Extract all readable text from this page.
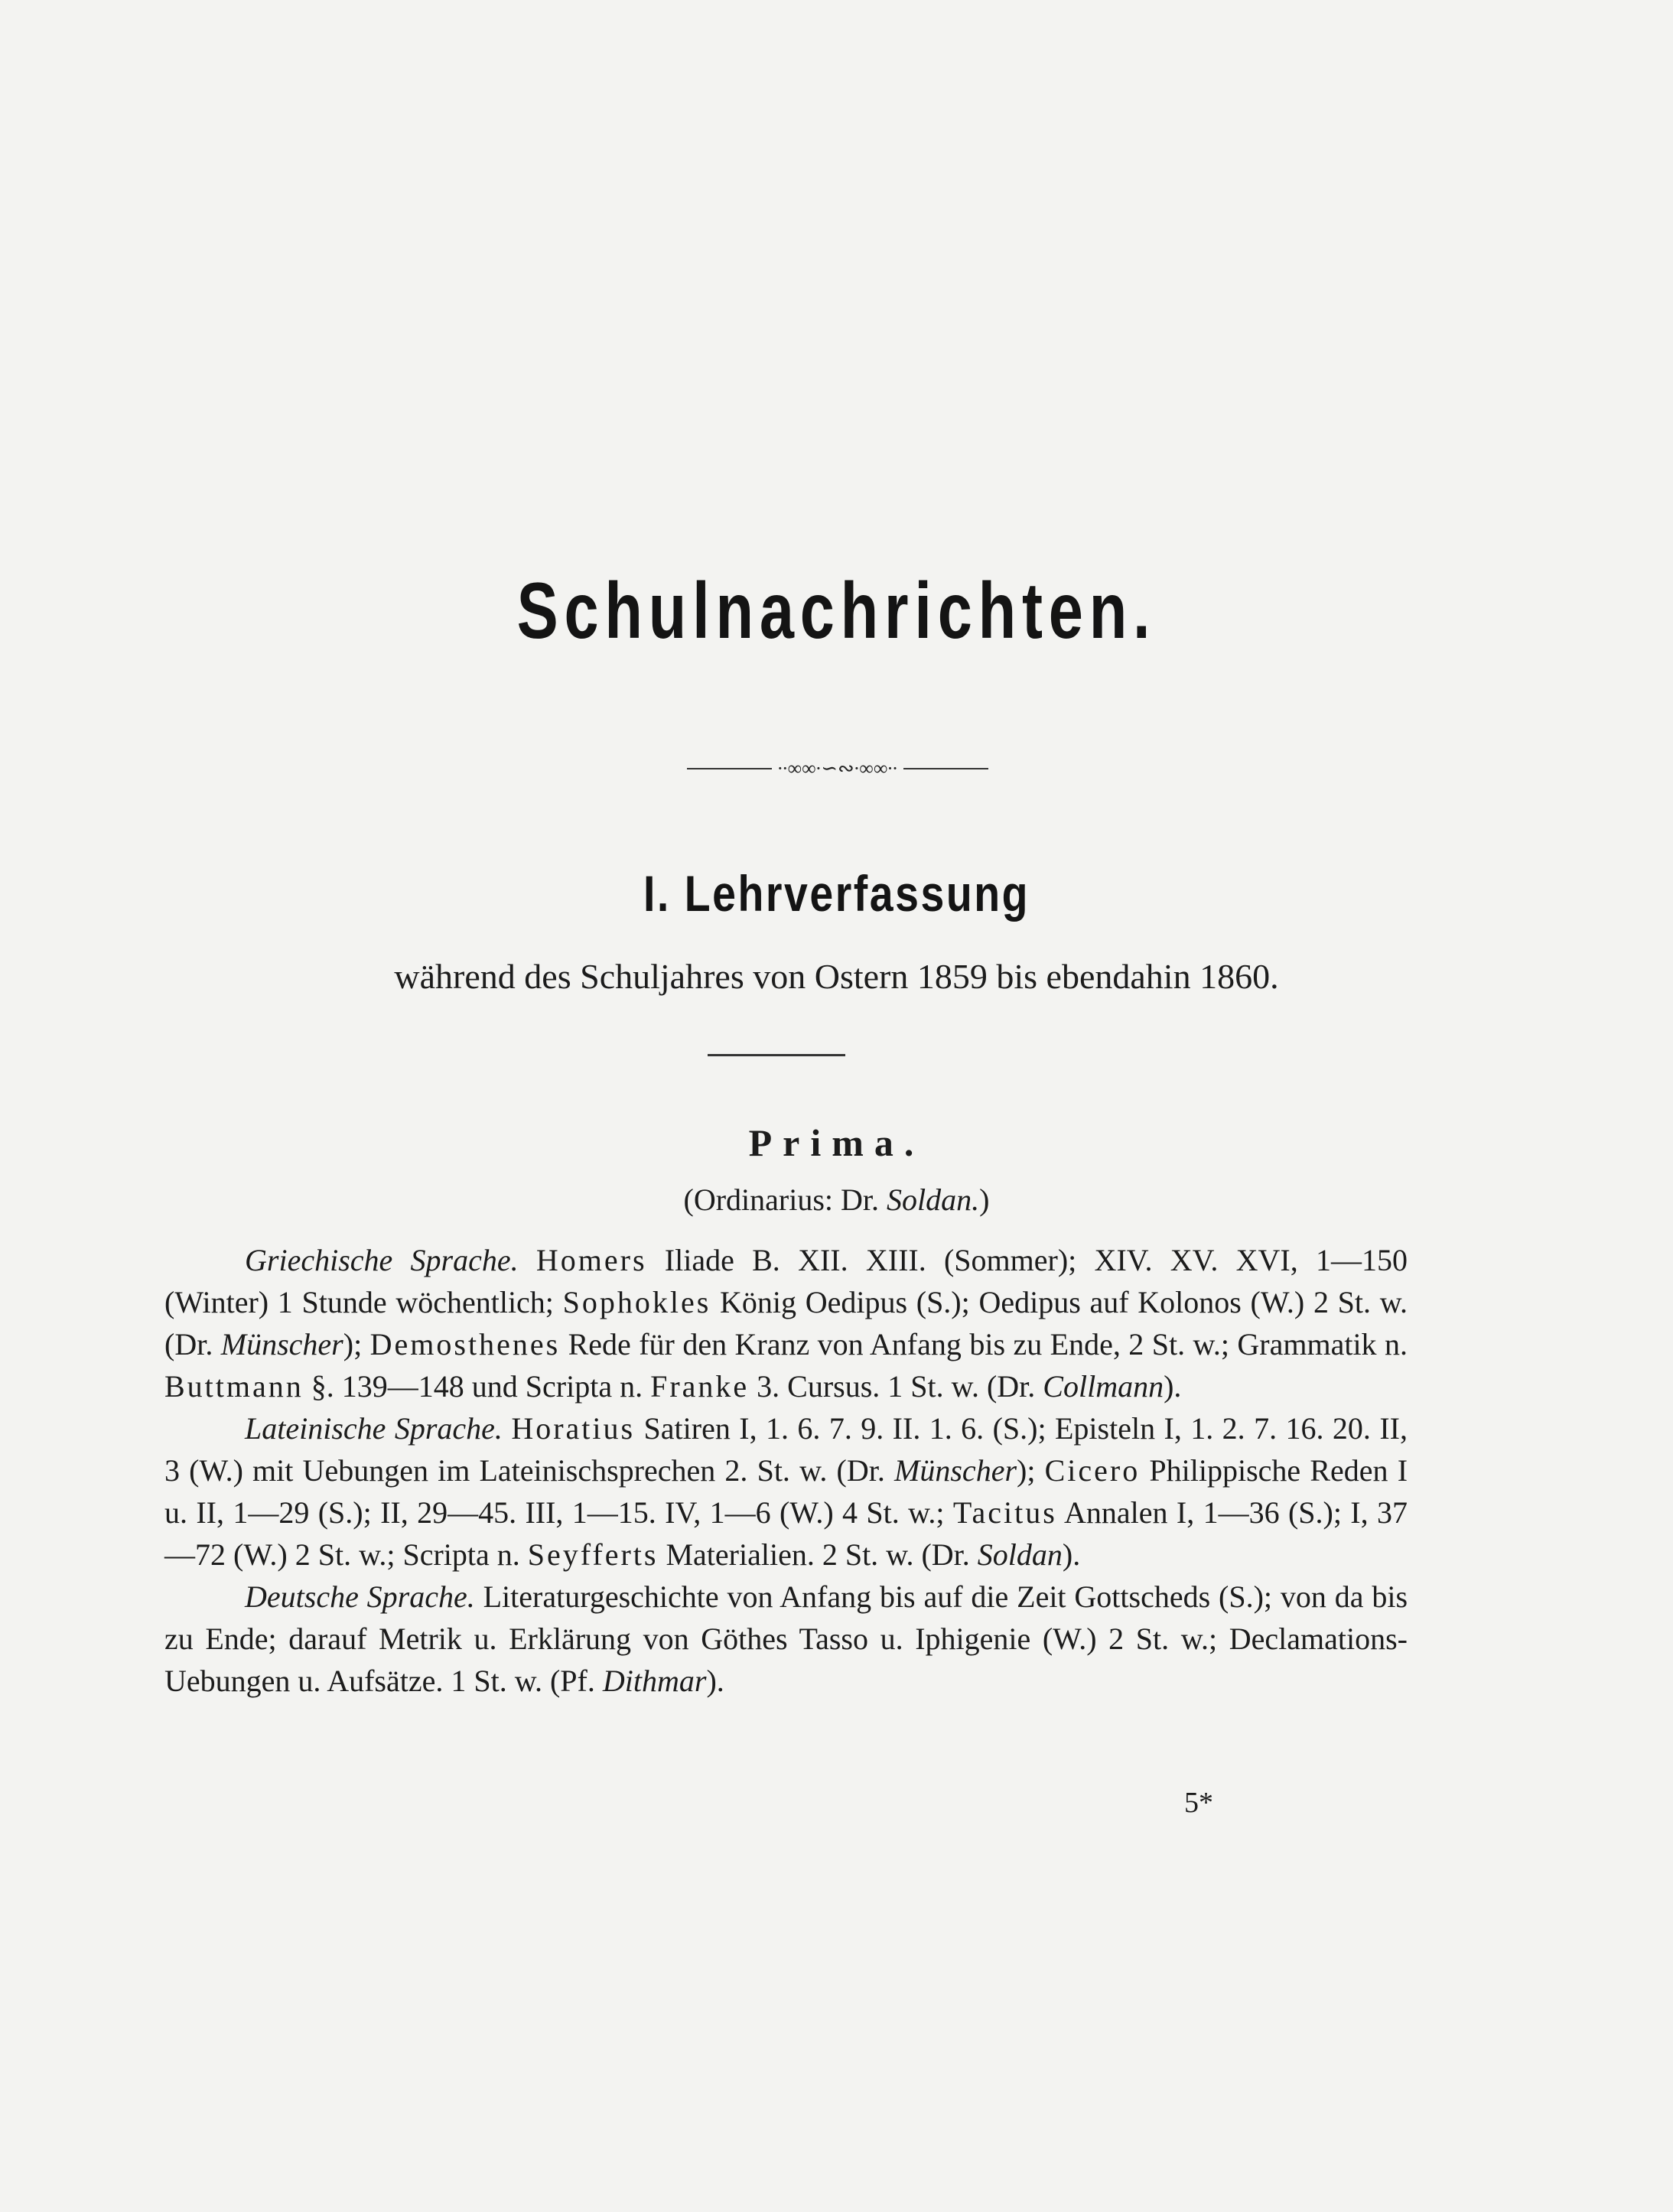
Schulnachrichten.
∙∙∞∞∙∽∾∙∞∞∙∙
I. Lehrverfassung
während des Schuljahres von Ostern 1859 bis ebendahin 1860.
Prima.
(Ordinarius: Dr. Soldan.)

Griechische Sprache. Homers Iliade B. XII. XIII. (Sommer); XIV. XV. XVI, 1—150 (Winter) 1 Stunde wöchentlich; Sophokles König Oedipus (S.); Oedipus auf Kolonos (W.) 2 St. w. (Dr. Münscher); Demosthenes Rede für den Kranz von Anfang bis zu Ende, 2 St. w.; Grammatik n. Buttmann §. 139—148 und Scripta n. Franke 3. Cursus. 1 St. w. (Dr. Collmann).

Lateinische Sprache. Horatius Satiren I, 1. 6. 7. 9. II. 1. 6. (S.); Episteln I, 1. 2. 7. 16. 20. II, 3 (W.) mit Uebungen im Lateinischsprechen 2. St. w. (Dr. Münscher); Cicero Philippische Reden I u. II, 1—29 (S.); II, 29—45. III, 1—15. IV, 1—6 (W.) 4 St. w.; Tacitus Annalen I, 1—36 (S.); I, 37—72 (W.) 2 St. w.; Scripta n. Seyfferts Materialien. 2 St. w. (Dr. Soldan).

Deutsche Sprache. Literaturgeschichte von Anfang bis auf die Zeit Gottscheds (S.); von da bis zu Ende; darauf Metrik u. Erklärung von Göthes Tasso u. Iphigenie (W.) 2 St. w.; Declamations-Uebungen u. Aufsätze. 1 St. w. (Pf. Dithmar).

5*
